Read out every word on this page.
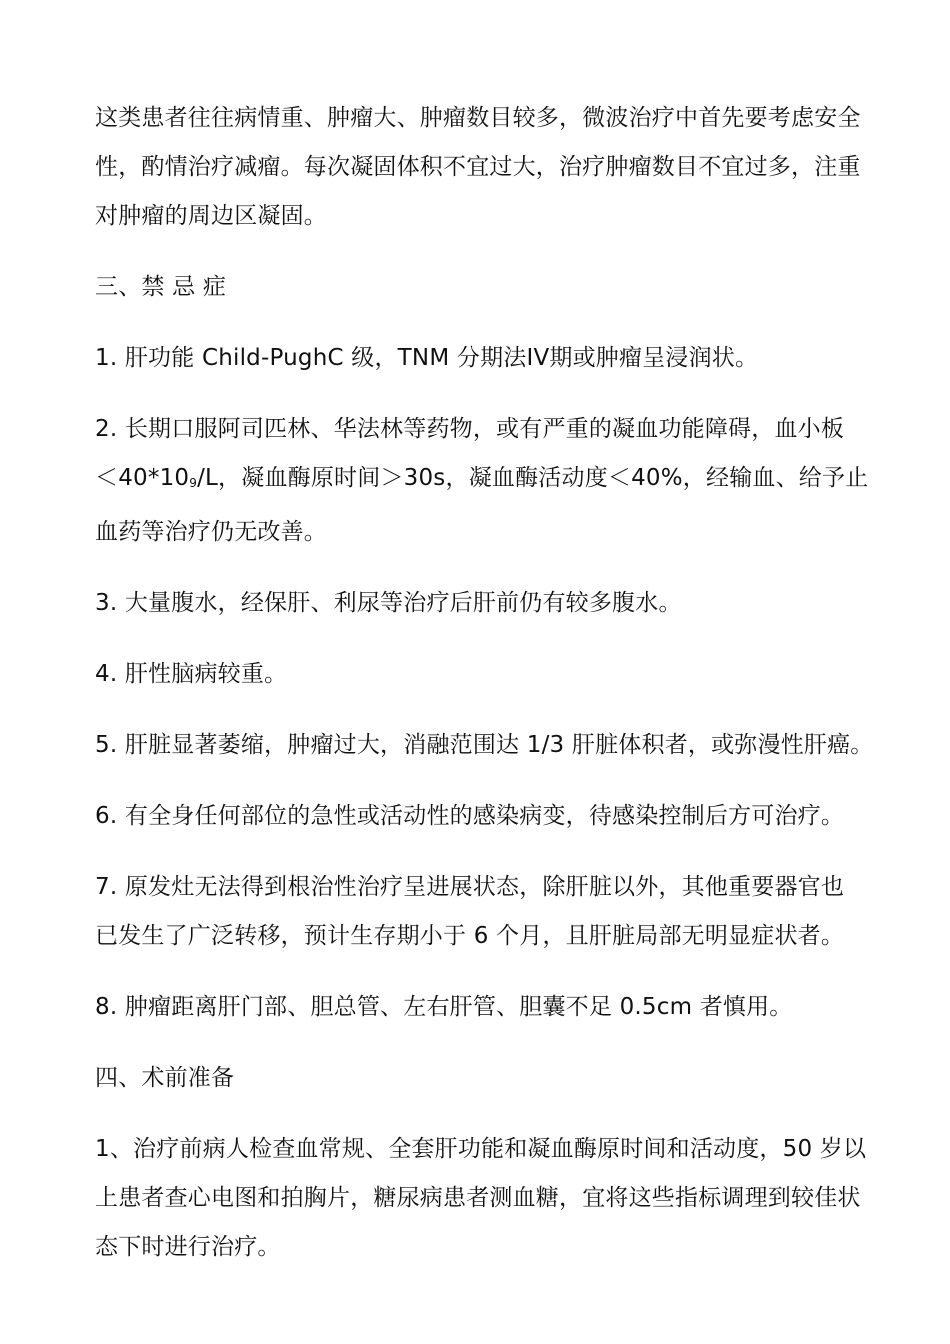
这类患者往往病情重、肿瘤大、肿瘤数目较多，微波治疗中首先要考虑安全
性，酌情治疗减瘤。每次凝固体积不宜过大，治疗肿瘤数目不宜过多，注重
对肿瘤的周边区凝固。

三、禁 忌 症

1. 肝功能 Child-PughC 级，TNM 分期法IV期或肿瘤呈浸润状。

2. 长期口服阿司匹林、华法林等药物，或有严重的凝血功能障碍，血小板
＜40*109/L，凝血酶原时间＞30s，凝血酶活动度＜40%，经输血、给予止
血药等治疗仍无改善。

3. 大量腹水，经保肝、利尿等治疗后肝前仍有较多腹水。

4. 肝性脑病较重。

5. 肝脏显著萎缩，肿瘤过大，消融范围达 1/3 肝脏体积者，或弥漫性肝癌。

6. 有全身任何部位的急性或活动性的感染病变，待感染控制后方可治疗。

7. 原发灶无法得到根治性治疗呈进展状态，除肝脏以外，其他重要器官也
已发生了广泛转移，预计生存期小于 6 个月，且肝脏局部无明显症状者。

8. 肿瘤距离肝门部、胆总管、左右肝管、胆囊不足 0.5cm 者慎用。

四、术前准备

1、治疗前病人检查血常规、全套肝功能和凝血酶原时间和活动度，50 岁以
上患者查心电图和拍胸片，糖尿病患者测血糖，宜将这些指标调理到较佳状
态下时进行治疗。
